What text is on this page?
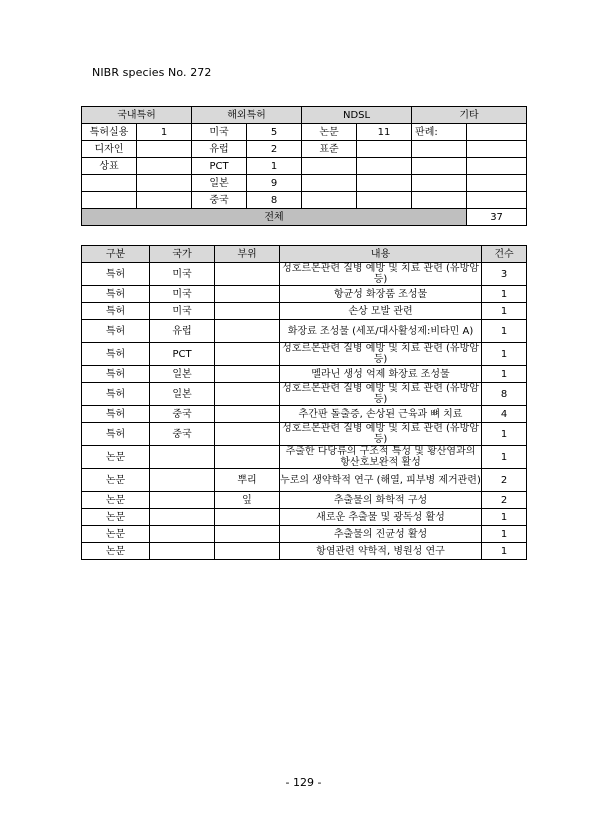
NIBR species No. 272
국내특허		해외특허		NDSL		기타	
특허실용	1	미국	5	논문	11	판례:	
디자인		유럽	2	표준			
상표		PCT	1				
		일본	9				
		중국	8				
전체							37
구분	국가	부위	내용	건수
특허	미국		성호르몬관련 질병 예방 및 치료 관련 (유방암 등)	3
특허	미국		항균성 화장품 조성물	1
특허	미국		손상 모발 관련	1
특허	유럽		화장료 조성물 (세포/대사활성제:비타민 A)	1
특허	PCT		성호르몬관련 질병 예방 및 치료 관련 (유방암 등)	1
특허	일본		멜라닌 생성 억제 화장료 조성물	1
특허	일본		성호르몬관련 질병 예방 및 치료 관련 (유방암 등)	8
특허	중국		추간판 돌출증, 손상된 근육과 뼈 치료	4
특허	중국		성호르몬관련 질병 예방 및 치료 관련 (유방암 등)	1
논문			추출한 다당류의 구조적 특성 및 황산염과의 항산호보완적 활성	1
논문		뿌리	누로의 생약학적 연구 (해열, 피부병 제거관련)	2
논문		잎	추출물의 화학적 구성	2
논문			새로운 추출물 및 광독성 활성	1
논문			추출물의 진균성 활성	1
논문			항염관련 약학적, 병원성 연구	1
- 129 -
